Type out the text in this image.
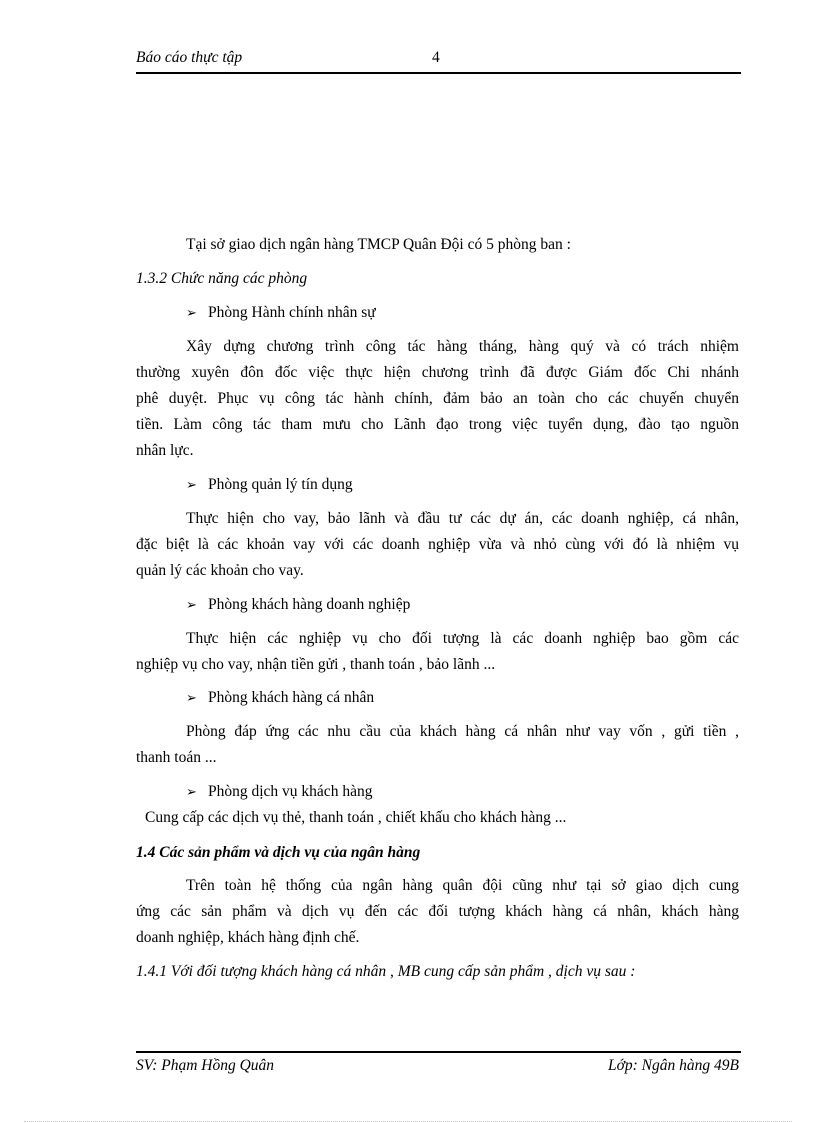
Báo cáo thực tập	4
Tại sở giao dịch ngân hàng TMCP Quân Đội có 5 phòng ban :
1.3.2 Chức năng các phòng
➢ Phòng Hành chính nhân sự
Xây dựng chương trình công tác hàng tháng, hàng quý và có trách nhiệm
thường xuyên đôn đốc việc thực hiện chương trình đã được Giám đốc Chi nhánh
phê duyệt. Phục vụ công tác hành chính, đảm bảo an toàn cho các chuyến chuyển
tiền. Làm công tác tham mưu cho Lãnh đạo trong việc tuyển dụng, đào tạo nguồn
nhân lực.
➢ Phòng quản lý tín dụng
Thực hiện cho vay, bảo lãnh và đầu tư các dự án, các doanh nghiệp, cá nhân,
đặc biệt là các khoản vay với các doanh nghiệp vừa và nhỏ cùng với đó là nhiệm vụ
quản lý các khoản cho vay.
➢ Phòng khách hàng doanh nghiệp
Thực hiện các nghiệp vụ cho đối tượng là các doanh nghiệp bao gồm các
nghiệp vụ cho vay, nhận tiền gửi , thanh toán , bảo lãnh ...
➢ Phòng khách hàng cá nhân
Phòng đáp ứng các nhu cầu của khách hàng cá nhân như vay vốn , gửi tiền ,
thanh toán ...
➢ Phòng dịch vụ khách hàng
Cung cấp các dịch vụ thẻ, thanh toán , chiết khấu cho khách hàng ...
1.4 Các sản phẩm và dịch vụ của ngân hàng
Trên toàn hệ thống của ngân hàng quân đội cũng như tại sở giao dịch cung
ứng các sản phẩm và dịch vụ đến các đối tượng khách hàng cá nhân, khách hàng
doanh nghiệp, khách hàng định chế.
1.4.1 Với đối tượng khách hàng cá nhân , MB cung cấp sản phẩm , dịch vụ sau :
SV: Phạm Hồng Quân	Lớp: Ngân hàng 49B
